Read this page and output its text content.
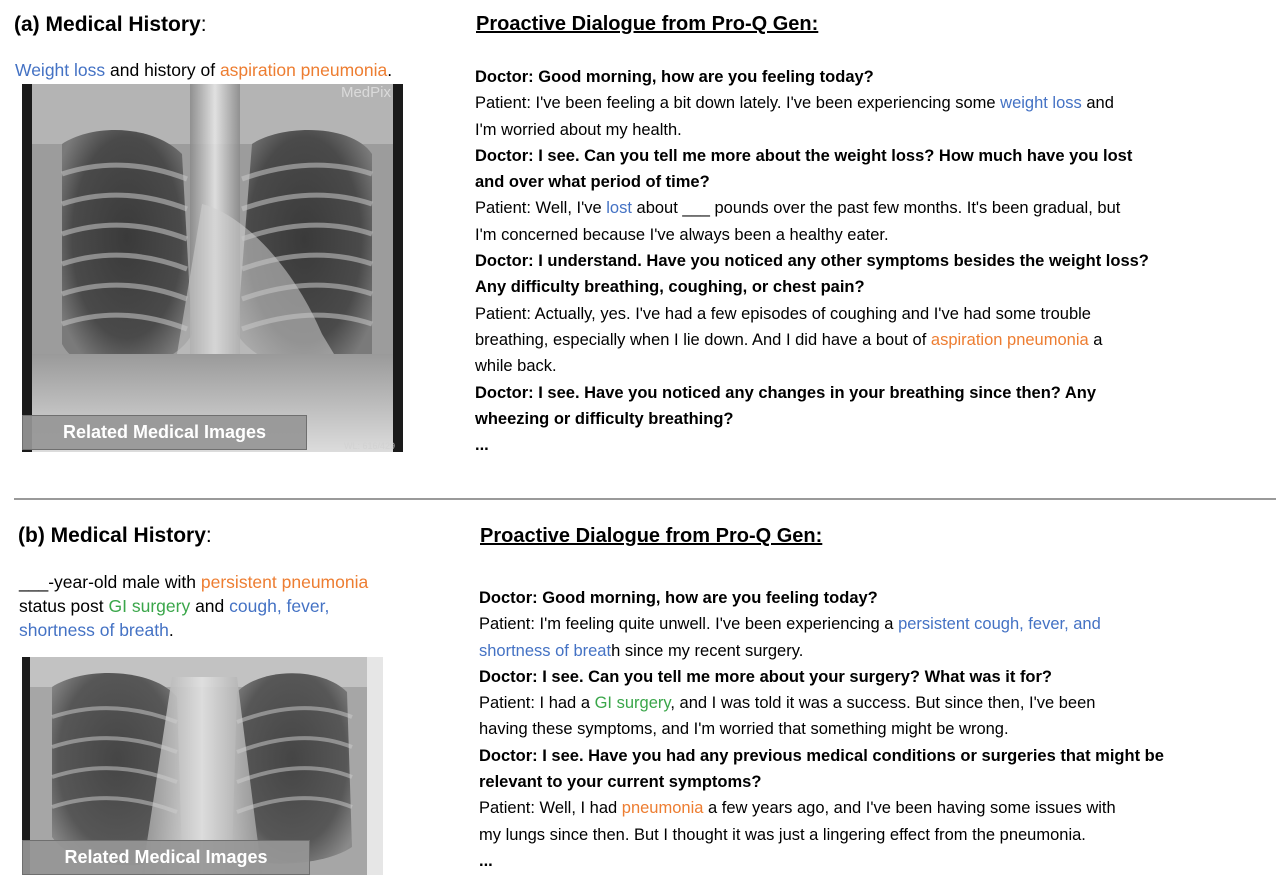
(a) Medical History:
Weight loss and history of aspiration pneumonia.
MedPix
WL: 616/429
Related Medical Images
Proactive Dialogue from Pro-Q Gen:
Doctor: Good morning, how are you feeling today?
Patient: I've been feeling a bit down lately. I've been experiencing some weight loss and
I'm worried about my health.
Doctor: I see. Can you tell me more about the weight loss? How much have you lost
and over what period of time?
Patient: Well, I've lost about ___ pounds over the past few months. It's been gradual, but
I'm concerned because I've always been a healthy eater.
Doctor: I understand. Have you noticed any other symptoms besides the weight loss?
Any difficulty breathing, coughing, or chest pain?
Patient: Actually, yes. I've had a few episodes of coughing and I've had some trouble
breathing, especially when I lie down. And I did have a bout of aspiration pneumonia a
while back.
Doctor: I see. Have you noticed any changes in your breathing since then? Any
wheezing or difficulty breathing?
...
(b) Medical History:
___-year-old male with persistent pneumonia
status post GI surgery and cough, fever,
shortness of breath.
Related Medical Images
Proactive Dialogue from Pro-Q Gen:
Doctor: Good morning, how are you feeling today?
Patient: I'm feeling quite unwell. I've been experiencing a persistent cough, fever, and
shortness of breath since my recent surgery.
Doctor: I see. Can you tell me more about your surgery? What was it for?
Patient: I had a GI surgery, and I was told it was a success. But since then, I've been
having these symptoms, and I'm worried that something might be wrong.
Doctor: I see. Have you had any previous medical conditions or surgeries that might be
relevant to your current symptoms?
Patient: Well, I had pneumonia a few years ago, and I've been having some issues with
my lungs since then. But I thought it was just a lingering effect from the pneumonia.
...
